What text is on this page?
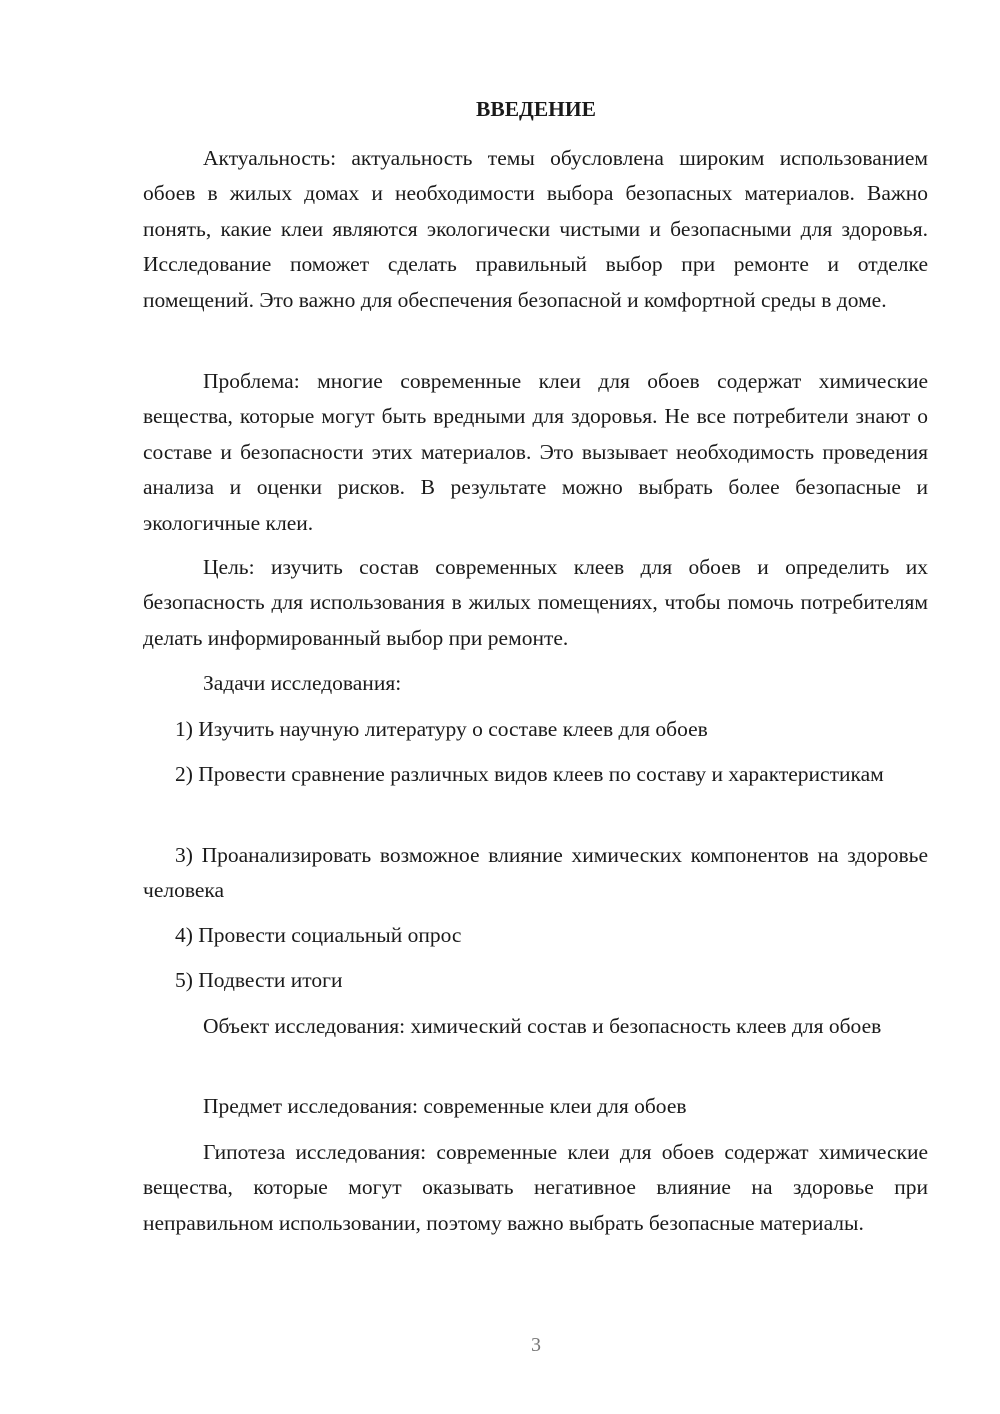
ВВЕДЕНИЕ

Актуальность: актуальность темы обусловлена широким использованием обоев в жилых домах и необходимости выбора безопасных материалов. Важно понять, какие клеи являются экологически чистыми и безопасными для здоровья. Исследование поможет сделать правильный выбор при ремонте и отделке помещений. Это важно для обеспечения безопасной и комфортной среды в доме.

Проблема: многие современные клеи для обоев содержат химические вещества, которые могут быть вредными для здоровья. Не все потребители знают о составе и безопасности этих материалов. Это вызывает необходимость проведения анализа и оценки рисков. В результате можно выбрать более безопасные и экологичные клеи.

Цель: изучить состав современных клеев для обоев и определить их безопасность для использования в жилых помещениях, чтобы помочь потребителям делать информированный выбор при ремонте.

Задачи исследования:

1) Изучить научную литературу о составе клеев для обоев

2) Провести сравнение различных видов клеев по составу и характеристикам

3) Проанализировать возможное влияние химических компонентов на здоровье человека

4) Провести социальный опрос

5) Подвести итоги

Объект исследования: химический состав и безопасность клеев для обоев

Предмет исследования: современные клеи для обоев

Гипотеза исследования: современные клеи для обоев содержат химические вещества, которые могут оказывать негативное влияние на здоровье при неправильном использовании, поэтому важно выбрать безопасные материалы.

3
